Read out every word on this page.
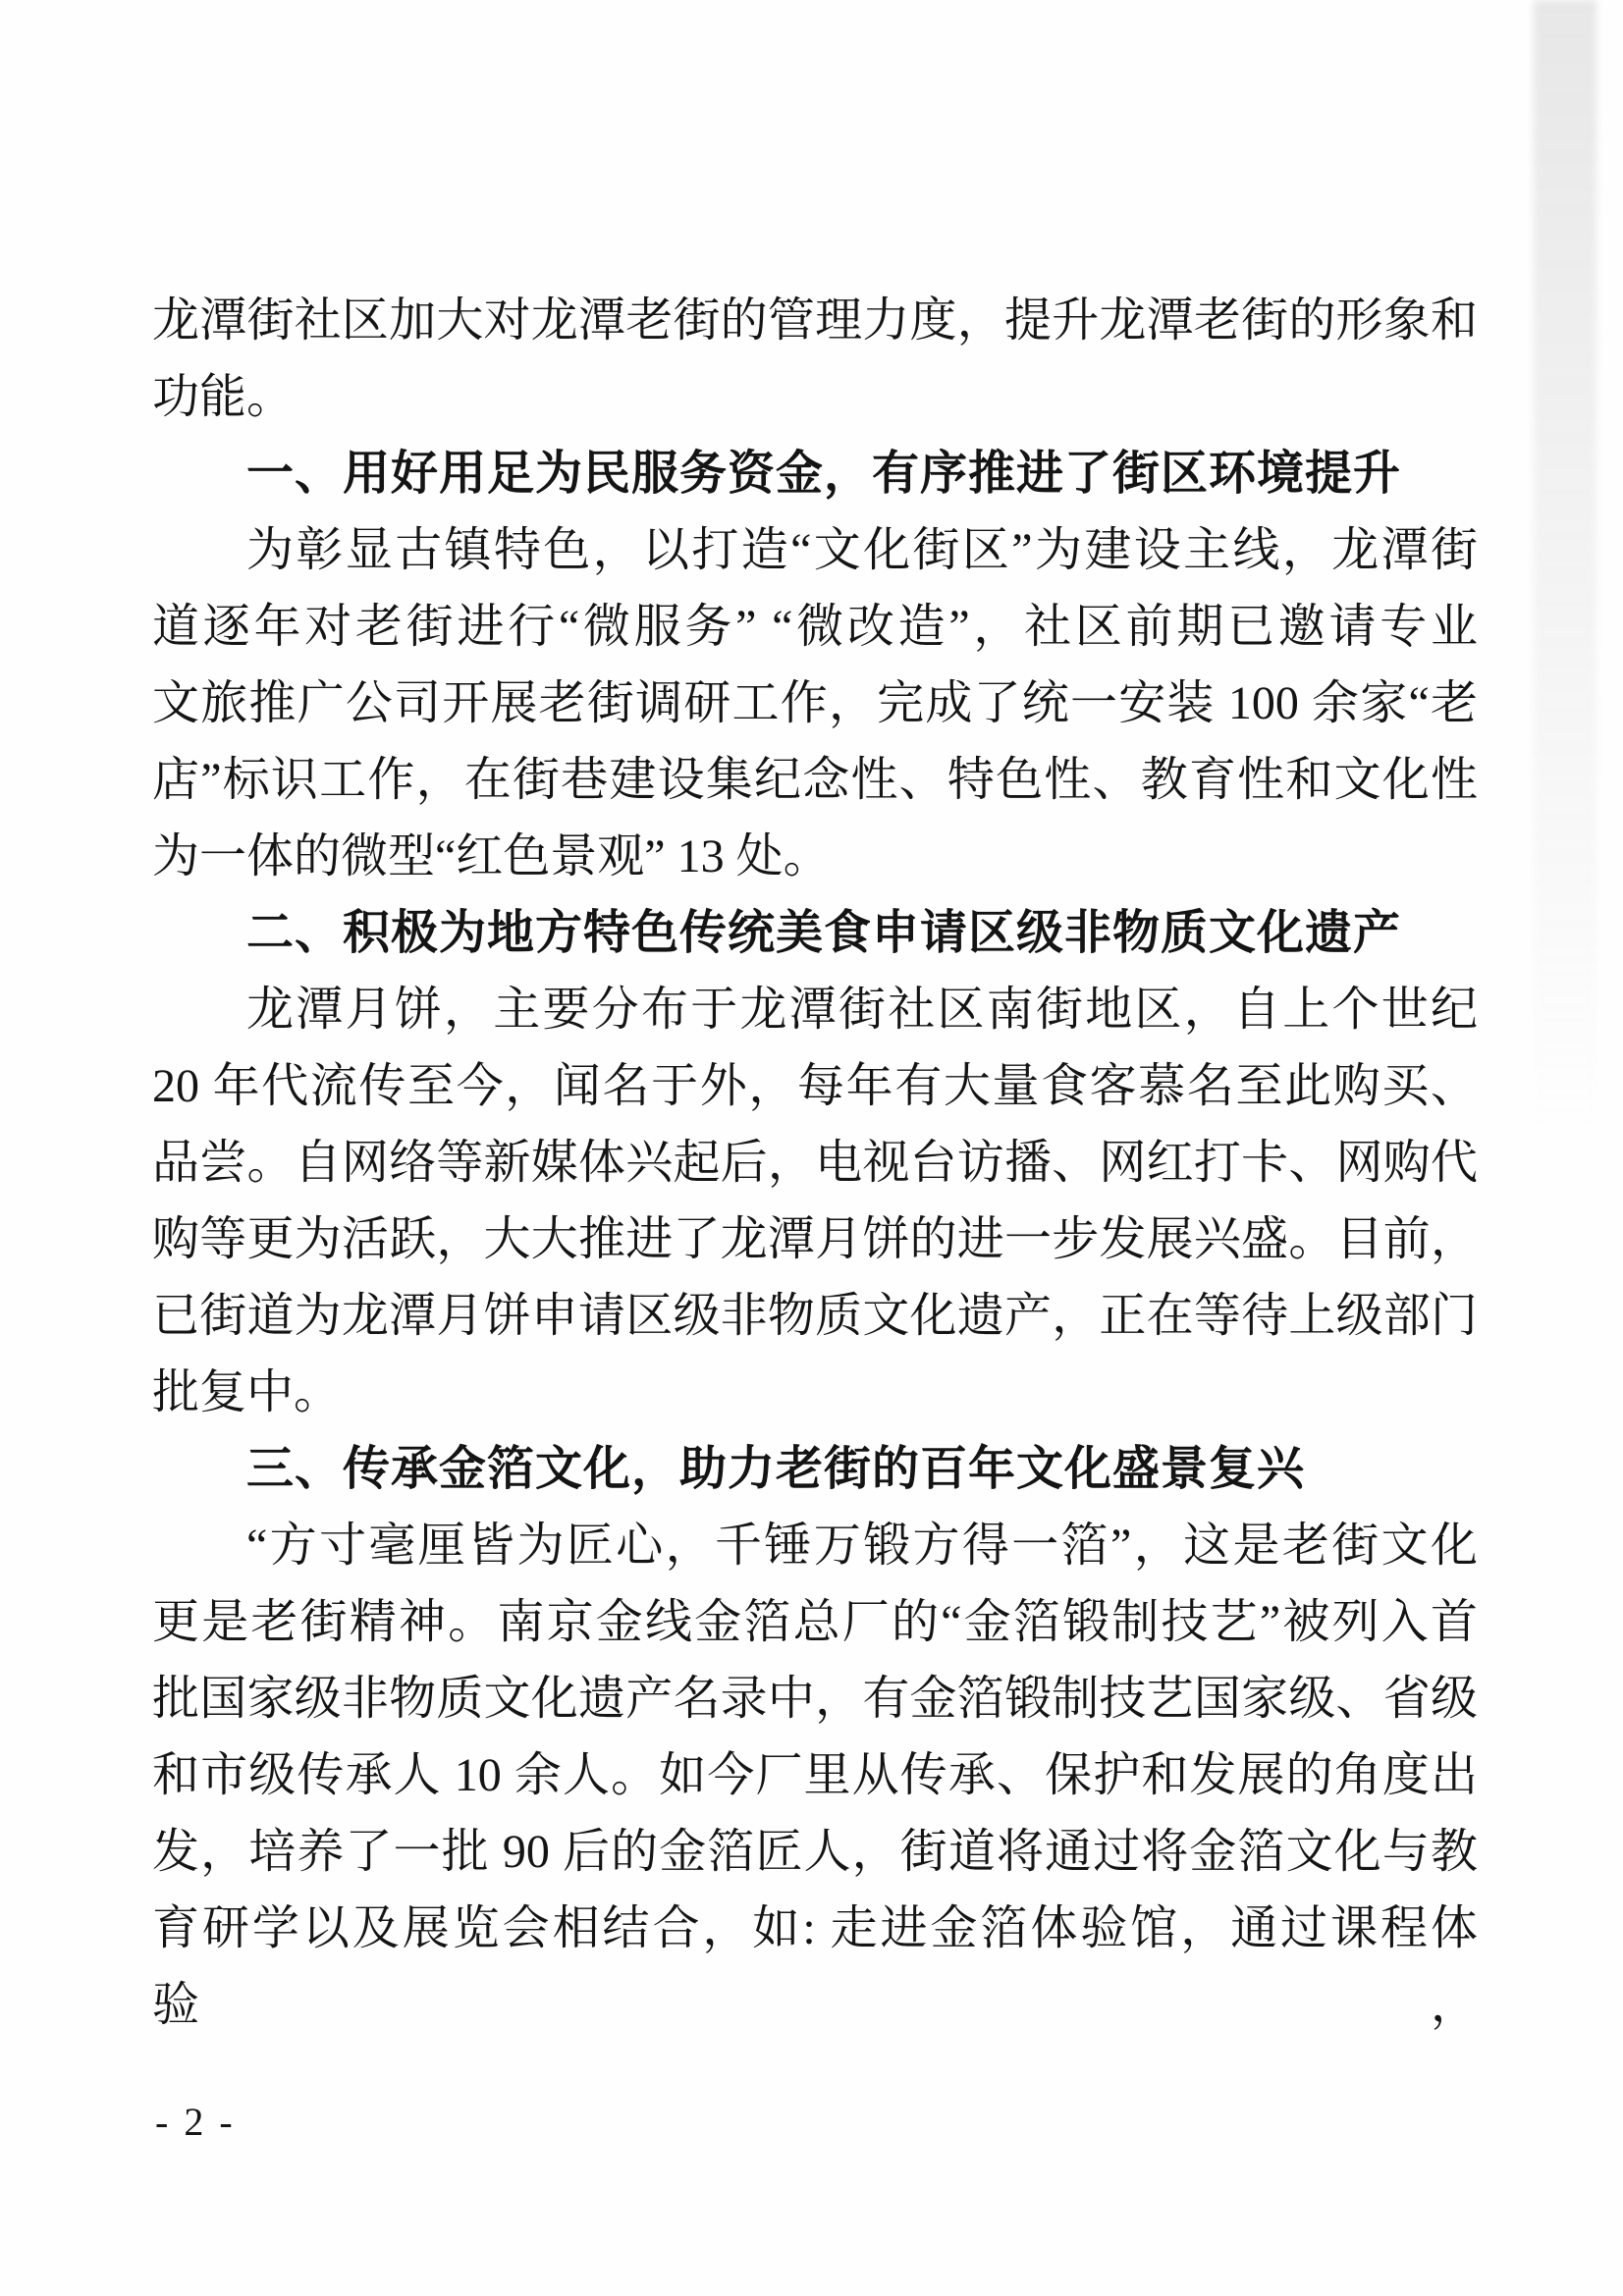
龙潭街社区加大对龙潭老街的管理力度，提升龙潭老街的形象和
功能。
一、用好用足为民服务资金，有序推进了街区环境提升
为彰显古镇特色，以打造“文化街区”为建设主线，龙潭街
道逐年对老街进行“微服务” “微改造”，社区前期已邀请专业
文旅推广公司开展老街调研工作，完成了统一安装 100 余家“老
店”标识工作，在街巷建设集纪念性、特色性、教育性和文化性
为一体的微型“红色景观” 13 处。
二、积极为地方特色传统美食申请区级非物质文化遗产
龙潭月饼，主要分布于龙潭街社区南街地区，自上个世纪
20 年代流传至今，闻名于外，每年有大量食客慕名至此购买、
品尝。自网络等新媒体兴起后，电视台访播、网红打卡、网购代
购等更为活跃，大大推进了龙潭月饼的进一步发展兴盛。目前，
已街道为龙潭月饼申请区级非物质文化遗产，正在等待上级部门
批复中。
三、传承金箔文化，助力老街的百年文化盛景复兴
“方寸毫厘皆为匠心，千锤万锻方得一箔”，这是老街文化
更是老街精神。南京金线金箔总厂的“金箔锻制技艺”被列入首
批国家级非物质文化遗产名录中，有金箔锻制技艺国家级、省级
和市级传承人 10 余人。如今厂里从传承、保护和发展的角度出
发，培养了一批 90 后的金箔匠人，街道将通过将金箔文化与教
育研学以及展览会相结合，如: 走进金箔体验馆，通过课程体验，
- 2 -
